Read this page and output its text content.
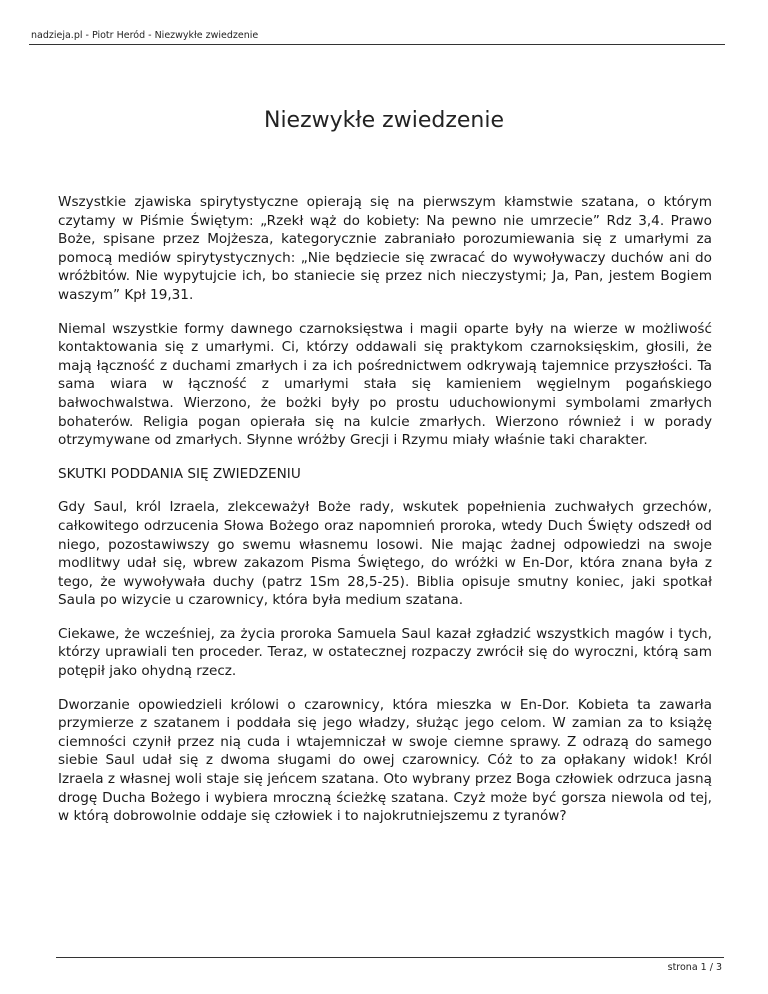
nadzieja.pl - Piotr Heród - Niezwykłe zwiedzenie
Niezwykłe zwiedzenie

Wszystkie zjawiska spirytystyczne opierają się na pierwszym kłamstwie szatana, o którym czytamy w Piśmie Świętym: „Rzekł wąż do kobiety: Na pewno nie umrzecie” Rdz 3,4. Prawo Boże, spisane przez Mojżesza, kategorycznie zabraniało porozumiewania się z umarłymi za pomocą mediów spirytystycznych: „Nie będziecie się zwracać do wywoływaczy duchów ani do wróżbitów. Nie wypytujcie ich, bo staniecie się przez nich nieczystymi; Ja, Pan, jestem Bogiem waszym” Kpł 19,31.

Niemal wszystkie formy dawnego czarnoksięstwa i magii oparte były na wierze w możliwość kontaktowania się z umarłymi. Ci, którzy oddawali się praktykom czarnoksięskim, głosili, że mają łączność z duchami zmarłych i za ich pośrednictwem odkrywają tajemnice przyszłości. Ta sama wiara w łączność z umarłymi stała się kamieniem węgielnym pogańskiego bałwochwalstwa. Wierzono, że bożki były po prostu uduchowionymi symbolami zmarłych bohaterów. Religia pogan opierała się na kulcie zmarłych. Wierzono również i w porady otrzymywane od zmarłych. Słynne wróżby Grecji i Rzymu miały właśnie taki charakter.

SKUTKI PODDANIA SIĘ ZWIEDZENIU

Gdy Saul, król Izraela, zlekceważył Boże rady, wskutek popełnienia zuchwałych grzechów, całkowitego odrzucenia Słowa Bożego oraz napomnień proroka, wtedy Duch Święty odszedł od niego, pozostawiwszy go swemu własnemu losowi. Nie mając żadnej odpowiedzi na swoje modlitwy udał się, wbrew zakazom Pisma Świętego, do wróżki w En-Dor, która znana była z tego, że wywoływała duchy (patrz 1Sm 28,5-25). Biblia opisuje smutny koniec, jaki spotkał Saula po wizycie u czarownicy, która była medium szatana.

Ciekawe, że wcześniej, za życia proroka Samuela Saul kazał zgładzić wszystkich magów i tych, którzy uprawiali ten proceder. Teraz, w ostatecznej rozpaczy zwrócił się do wyroczni, którą sam potępił jako ohydną rzecz.

Dworzanie opowiedzieli królowi o czarownicy, która mieszka w En-Dor. Kobieta ta zawarła przymierze z szatanem i poddała się jego władzy, służąc jego celom. W zamian za to książę ciemności czynił przez nią cuda i wtajemniczał w swoje ciemne sprawy. Z odrazą do samego siebie Saul udał się z dwoma sługami do owej czarownicy. Cóż to za opłakany widok! Król Izraela z własnej woli staje się jeńcem szatana. Oto wybrany przez Boga człowiek odrzuca jasną drogę Ducha Bożego i wybiera mroczną ścieżkę szatana. Czyż może być gorsza niewola od tej, w którą dobrowolnie oddaje się człowiek i to najokrutniejszemu z tyranów?

strona 1 / 3
